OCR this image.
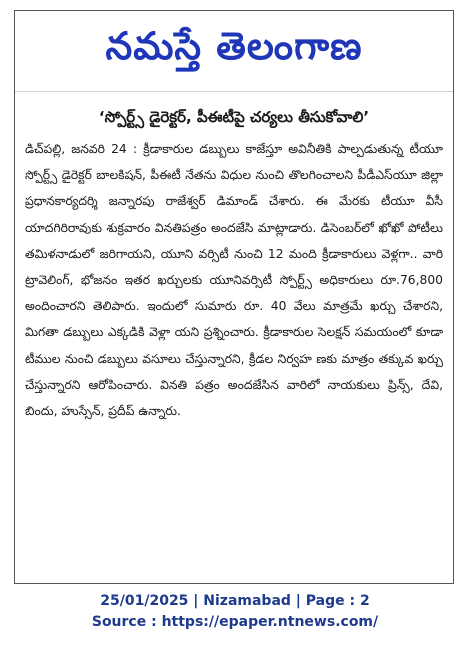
నమస్తే తెలంగాణ

‘స్పోర్ట్స్ డైరెక్టర్, పీఈటీపై చర్యలు తీసుకోవాలి’

డిచ్‌పల్లి, జనవరి 24 : క్రీడాకారుల డబ్బులు కాజేస్తూ అవినీతికి పాల్పడుతున్న టీయూ స్పోర్ట్స్ డైరెక్టర్ బాలకిషన్, పీఈటీ నేతను విధుల నుంచి తొలగించాలని పీడీఎస్‌యూ జిల్లా ప్రధానకార్యదర్శి జన్నారపు రాజేశ్వర్ డిమాండ్ చేశారు. ఈ మేరకు టీయూ వీసీ యాదగిరిరావుకు శుక్రవారం వినతిపత్రం అందజేసి మాట్లాడారు. డిసెంబర్‌లో ఖోఖో పోటీలు తమిళనాడులో జరిగాయని, యూని వర్సిటీ నుంచి 12 మంది క్రీడాకారులు వెళ్లగా.. వారి ట్రావెలింగ్, భోజనం ఇతర ఖర్చులకు యూనివర్సిటీ స్పోర్ట్స్ అధికారులు రూ.76,800 అందించారని తెలిపారు. ఇందులో సుమారు రూ. 40 వేలు మాత్రమే ఖర్చు చేశారని, మిగతా డబ్బులు ఎక్కడికి వెళ్లా యని ప్రశ్నించారు. క్రీడాకారుల సెలక్షన్ సమయంలో కూడా టీముల నుంచి డబ్బులు వసూలు చేస్తున్నారని, క్రీడల నిర్వహ ణకు మాత్రం తక్కువ ఖర్చు చేస్తున్నారని ఆరోపించారు. వినతి పత్రం అందజేసిన వారిలో నాయకులు ప్రిన్స్, దేవి, బిందు, హుస్సేన్, ప్రదీప్ ఉన్నారు.

25/01/2025 | Nizamabad | Page : 2
Source : https://epaper.ntnews.com/
